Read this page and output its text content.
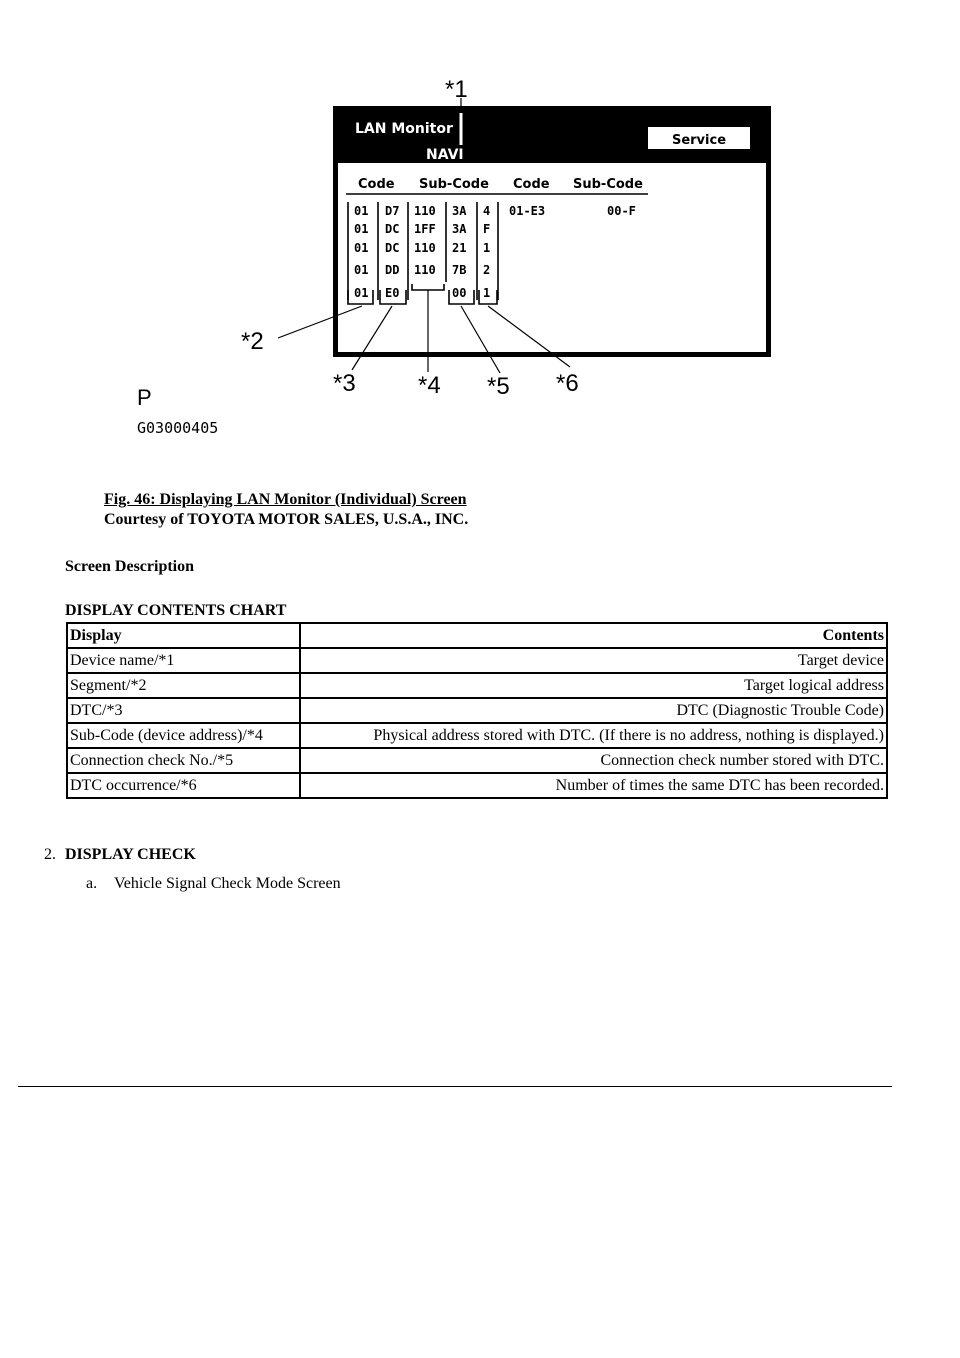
LAN Monitor
NAVI
Service
Code Sub-Code Code Sub-Code
01 D7 110 3A 4
01 DC 1FF 3A F
01 DC 110 21 1
01 DD 110 7B 2
01 E0	00 1
01-E3	00-F
*1
*2
*3	*4 *5 *6
P
G03000405
Fig. 46: Displaying LAN Monitor (Individual) Screen
Courtesy of TOYOTA MOTOR SALES, U.S.A., INC.
Screen Description
DISPLAY CONTENTS CHART
Display	Contents
Device name/*1	Target device
Segment/*2	Target logical address
DTC/*3	DTC (Diagnostic Trouble Code)
Sub-Code (device address)/*4	Physical address stored with DTC. (If there is no address, nothing is displayed.)
Connection check No./*5	Connection check number stored with DTC.
DTC occurrence/*6	Number of times the same DTC has been recorded.
2. DISPLAY CHECK
a. Vehicle Signal Check Mode Screen
